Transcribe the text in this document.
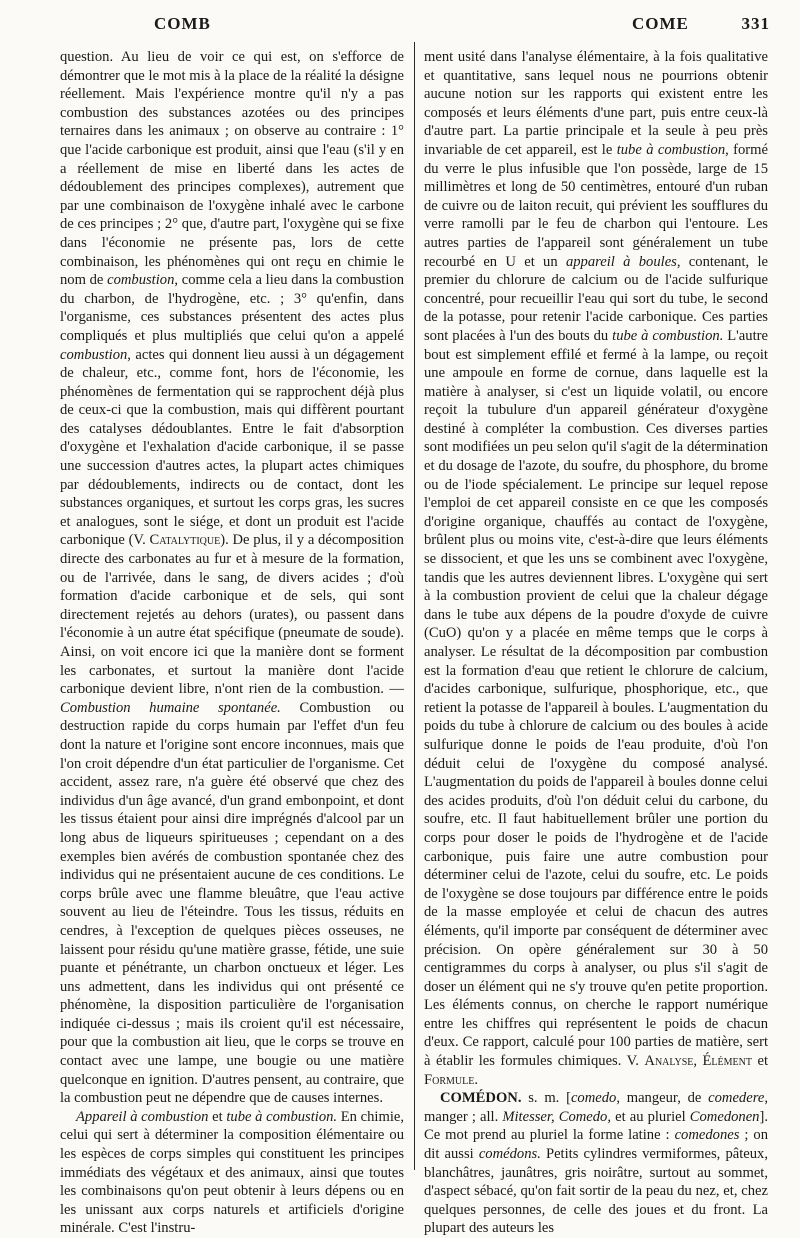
COMB	COME	331

question. Au lieu de voir ce qui est, on s'efforce de démontrer que le mot mis à la place de la réalité la désigne réellement. Mais l'expérience montre qu'il n'y a pas combustion des substances azotées ou des principes ternaires dans les animaux ; on observe au contraire : 1° que l'acide carbonique est produit, ainsi que l'eau (s'il y en a réellement de mise en liberté dans les actes de dédoublement des principes complexes), autrement que par une combinaison de l'oxygène inhalé avec le carbone de ces principes ; 2° que, d'autre part, l'oxygène qui se fixe dans l'économie ne présente pas, lors de cette combinaison, les phénomènes qui ont reçu en chimie le nom de combustion, comme cela a lieu dans la combustion du charbon, de l'hydrogène, etc. ; 3° qu'enfin, dans l'organisme, ces substances présentent des actes plus compliqués et plus multipliés que celui qu'on a appelé combustion, actes qui donnent lieu aussi à un dégagement de chaleur, etc., comme font, hors de l'économie, les phénomènes de fermentation qui se rapprochent déjà plus de ceux-ci que la combustion, mais qui diffèrent pourtant des catalyses dédoublantes. Entre le fait d'absorption d'oxygène et l'exhalation d'acide carbonique, il se passe une succession d'autres actes, la plupart actes chimiques par dédoublements, indirects ou de contact, dont les substances organiques, et surtout les corps gras, les sucres et analogues, sont le siége, et dont un produit est l'acide carbonique (V. Catalytique). De plus, il y a décomposition directe des carbonates au fur et à mesure de la formation, ou de l'arrivée, dans le sang, de divers acides ; d'où formation d'acide carbonique et de sels, qui sont directement rejetés au dehors (urates), ou passent dans l'économie à un autre état spécifique (pneumate de soude). Ainsi, on voit encore ici que la manière dont se forment les carbonates, et surtout la manière dont l'acide carbonique devient libre, n'ont rien de la combustion. — Combustion humaine spontanée. Combustion ou destruction rapide du corps humain par l'effet d'un feu dont la nature et l'origine sont encore inconnues, mais que l'on croit dépendre d'un état particulier de l'organisme. Cet accident, assez rare, n'a guère été observé que chez des individus d'un âge avancé, d'un grand embonpoint, et dont les tissus étaient pour ainsi dire imprégnés d'alcool par un long abus de liqueurs spiritueuses ; cependant on a des exemples bien avérés de combustion spontanée chez des individus qui ne présentaient aucune de ces conditions. Le corps brûle avec une flamme bleuâtre, que l'eau active souvent au lieu de l'éteindre. Tous les tissus, réduits en cendres, à l'exception de quelques pièces osseuses, ne laissent pour résidu qu'une matière grasse, fétide, une suie puante et pénétrante, un charbon onctueux et léger. Les uns admettent, dans les individus qui ont présenté ce phénomène, la disposition particulière de l'organisation indiquée ci-dessus ; mais ils croient qu'il est nécessaire, pour que la combustion ait lieu, que le corps se trouve en contact avec une lampe, une bougie ou une matière quelconque en ignition. D'autres pensent, au contraire, que la combustion peut ne dépendre que de causes internes.

Appareil à combustion et tube à combustion. En chimie, celui qui sert à déterminer la composition élémentaire ou les espèces de corps simples qui constituent les principes immédiats des végétaux et des animaux, ainsi que toutes les combinaisons qu'on peut obtenir à leurs dépens ou en les unissant aux corps naturels et artificiels d'origine minérale. C'est l'instru-

ment usité dans l'analyse élémentaire, à la fois qualitative et quantitative, sans lequel nous ne pourrions obtenir aucune notion sur les rapports qui existent entre les composés et leurs éléments d'une part, puis entre ceux-là d'autre part. La partie principale et la seule à peu près invariable de cet appareil, est le tube à combustion, formé du verre le plus infusible que l'on possède, large de 15 millimètres et long de 50 centimètres, entouré d'un ruban de cuivre ou de laiton recuit, qui prévient les soufflures du verre ramolli par le feu de charbon qui l'entoure. Les autres parties de l'appareil sont généralement un tube recourbé en U et un appareil à boules, contenant, le premier du chlorure de calcium ou de l'acide sulfurique concentré, pour recueillir l'eau qui sort du tube, le second de la potasse, pour retenir l'acide carbonique. Ces parties sont placées à l'un des bouts du tube à combustion. L'autre bout est simplement effilé et fermé à la lampe, ou reçoit une ampoule en forme de cornue, dans laquelle est la matière à analyser, si c'est un liquide volatil, ou encore reçoit la tubulure d'un appareil générateur d'oxygène destiné à compléter la combustion. Ces diverses parties sont modifiées un peu selon qu'il s'agit de la détermination et du dosage de l'azote, du soufre, du phosphore, du brome ou de l'iode spécialement. Le principe sur lequel repose l'emploi de cet appareil consiste en ce que les composés d'origine organique, chauffés au contact de l'oxygène, brûlent plus ou moins vite, c'est-à-dire que leurs éléments se dissocient, et que les uns se combinent avec l'oxygène, tandis que les autres deviennent libres. L'oxygène qui sert à la combustion provient de celui que la chaleur dégage dans le tube aux dépens de la poudre d'oxyde de cuivre (CuO) qu'on y a placée en même temps que le corps à analyser. Le résultat de la décomposition par combustion est la formation d'eau que retient le chlorure de calcium, d'acides carbonique, sulfurique, phosphorique, etc., que retient la potasse de l'appareil à boules. L'augmentation du poids du tube à chlorure de calcium ou des boules à acide sulfurique donne le poids de l'eau produite, d'où l'on déduit celui de l'oxygène du composé analysé. L'augmentation du poids de l'appareil à boules donne celui des acides produits, d'où l'on déduit celui du carbone, du soufre, etc. Il faut habituellement brûler une portion du corps pour doser le poids de l'hydrogène et de l'acide carbonique, puis faire une autre combustion pour déterminer celui de l'azote, celui du soufre, etc. Le poids de l'oxygène se dose toujours par différence entre le poids de la masse employée et celui de chacun des autres éléments, qu'il importe par conséquent de déterminer avec précision. On opère généralement sur 30 à 50 centigrammes du corps à analyser, ou plus s'il s'agit de doser un élément qui ne s'y trouve qu'en petite proportion. Les éléments connus, on cherche le rapport numérique entre les chiffres qui représentent le poids de chacun d'eux. Ce rapport, calculé pour 100 parties de matière, sert à établir les formules chimiques. V. Analyse, Élément et Formule.

COMÉDON. s. m. [comedo, mangeur, de comedere, manger ; all. Mitesser, Comedo, et au pluriel Comedonen]. Ce mot prend au pluriel la forme latine : comedones ; on dit aussi comédons. Petits cylindres vermiformes, pâteux, blanchâtres, jaunâtres, gris noirâtre, surtout au sommet, d'aspect sébacé, qu'on fait sortir de la peau du nez, et, chez quelques personnes, de celle des joues et du front. La plupart des auteurs les
